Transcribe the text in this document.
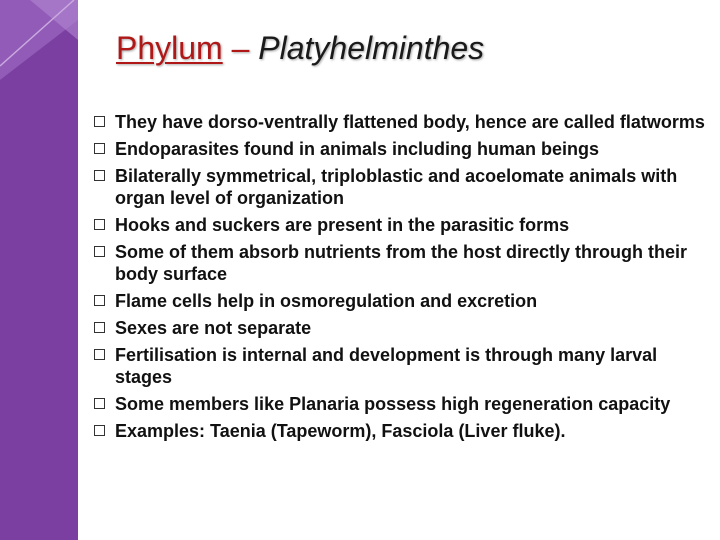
Phylum – Platyhelminthes
They have dorso-ventrally flattened body, hence are called flatworms
Endoparasites found in animals including human beings
Bilaterally symmetrical, triploblastic and acoelomate animals with organ level of organization
Hooks and suckers are present in the parasitic forms
Some of them absorb nutrients from the host directly through their body surface
Flame cells help in osmoregulation and excretion
Sexes are not separate
Fertilisation is internal and development is through many larval stages
Some members like Planaria possess high regeneration capacity
Examples: Taenia (Tapeworm), Fasciola (Liver fluke).
